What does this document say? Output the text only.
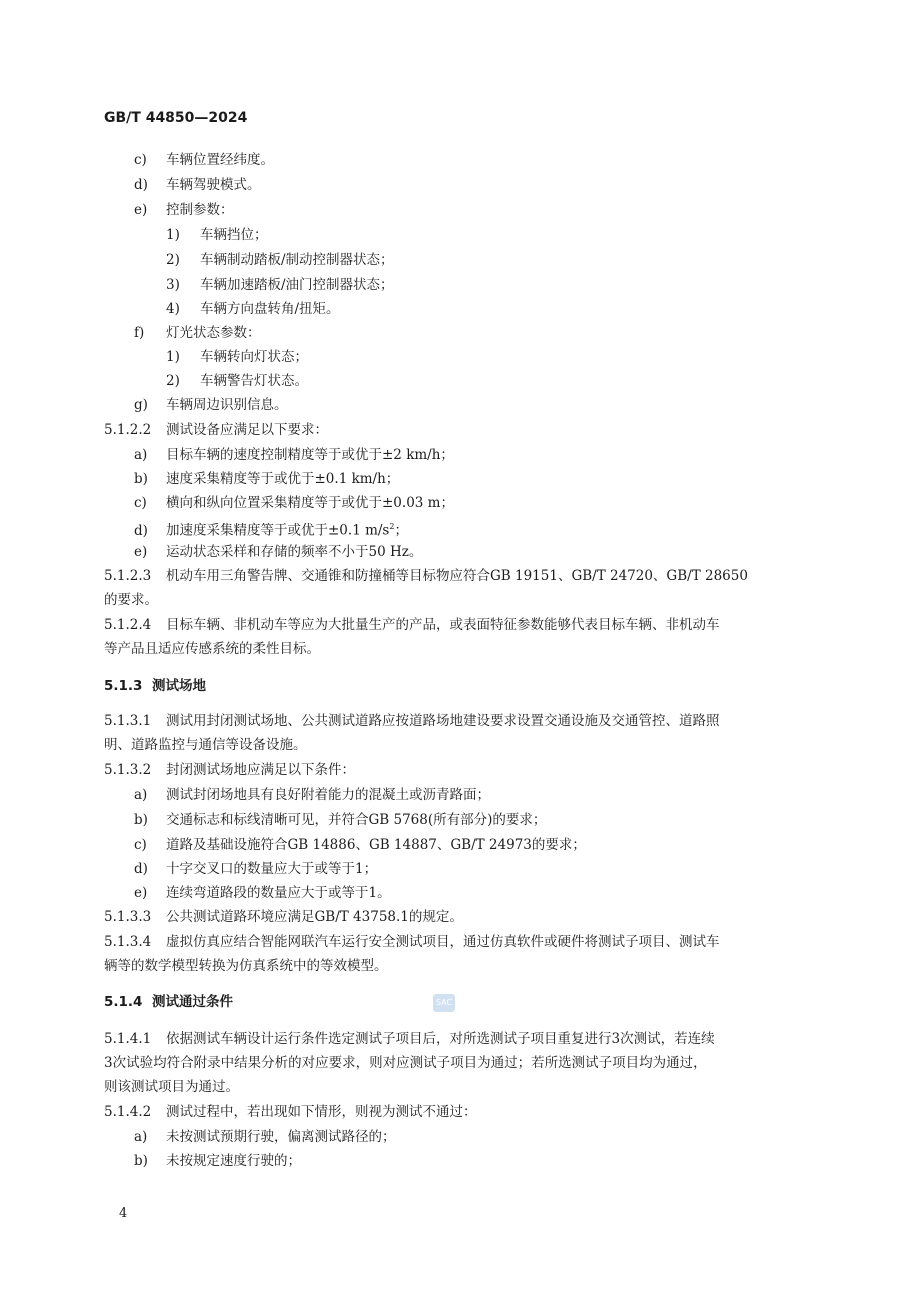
GB/T 44850—2024
c) 车辆位置经纬度。
d) 车辆驾驶模式。
e) 控制参数：
1) 车辆挡位；
2) 车辆制动踏板/制动控制器状态；
3) 车辆加速踏板/油门控制器状态；
4) 车辆方向盘转角/扭矩。
f) 灯光状态参数：
1) 车辆转向灯状态；
2) 车辆警告灯状态。
g) 车辆周边识别信息。
5.1.2.2 测试设备应满足以下要求：
a) 目标车辆的速度控制精度等于或优于±2 km/h；
b) 速度采集精度等于或优于±0.1 km/h；
c) 横向和纵向位置采集精度等于或优于±0.03 m；
d) 加速度采集精度等于或优于±0.1 $m/s^2$；
e) 运动状态采样和存储的频率不小于50 Hz。
5.1.2.3 机动车用三角警告牌、交通锥和防撞桶等目标物应符合GB 19151、GB/T 24720、GB/T 28650
的要求。
5.1.2.4 目标车辆、非机动车等应为大批量生产的产品，或表面特征参数能够代表目标车辆、非机动车
等产品且适应传感系统的柔性目标。
5.1.3 测试场地
5.1.3.1 测试用封闭测试场地、公共测试道路应按道路场地建设要求设置交通设施及交通管控、道路照
明、道路监控与通信等设备设施。
5.1.3.2 封闭测试场地应满足以下条件：
a) 测试封闭场地具有良好附着能力的混凝土或沥青路面；
b) 交通标志和标线清晰可见，并符合GB 5768(所有部分)的要求；
c) 道路及基础设施符合GB 14886、GB 14887、GB/T 24973的要求；
d) 十字交叉口的数量应大于或等于1；
e) 连续弯道路段的数量应大于或等于1。
5.1.3.3 公共测试道路环境应满足GB/T 43758.1的规定。
5.1.3.4 虚拟仿真应结合智能网联汽车运行安全测试项目，通过仿真软件或硬件将测试子项目、测试车
辆等的数学模型转换为仿真系统中的等效模型。
5.1.4 测试通过条件
5.1.4.1 依据测试车辆设计运行条件选定测试子项目后，对所选测试子项目重复进行3次测试，若连续
3次试验均符合附录中结果分析的对应要求，则对应测试子项目为通过；若所选测试子项目均为通过，
则该测试项目为通过。
5.1.4.2 测试过程中，若出现如下情形，则视为测试不通过：
a) 未按测试预期行驶，偏离测试路径的；
b) 未按规定速度行驶的；
SAC
4
